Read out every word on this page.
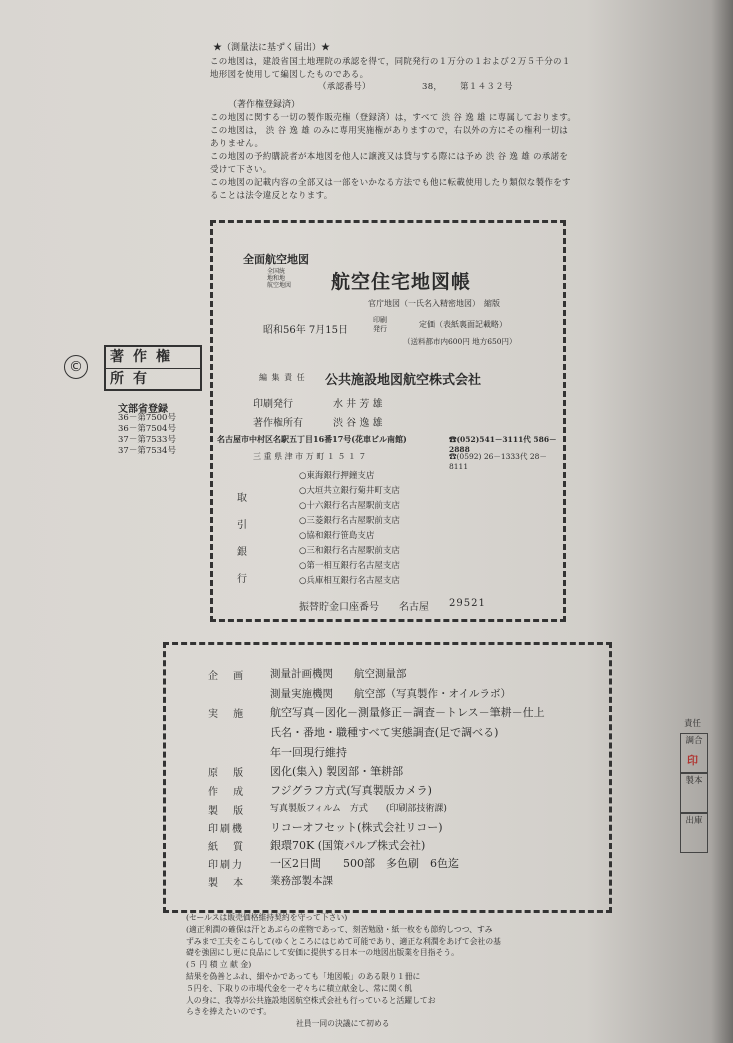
★（測量法に基ずく届出）★
この地図は，建設省国土地理院の承認を得て，同院発行の１万分の１および２万５千分の１
地形図を使用して編図したものである。
（承認番号）	38， 第１４３２号
（著作権登録済）
この地図に関する一切の製作販売権（登録済）は，すべて 渋 谷 逸 雄 に専属しております。
この地図は， 渋 谷 逸 雄 のみに専用実施権がありますので，右以外の方にその権利一切は
ありません。
この地図の予約購読者が本地図を他人に譲渡又は貸与する際には予め 渋 谷 逸 雄 の承諾を
受けて下さい。
この地図の記載内容の全部又は一部をいかなる方法でも他に転載使用したり類似な製作をす
ることは法令違反となります。
©
著作権
所有
文部省登録
36－第7500号
36－第7504号
37－第7533号
37－第7534号
全面航空地図
全国統
地和地
航空地図 航空住宅地図帳
官庁地図（一氏名入精密地図）　縮版
昭和56年 7月15日
印刷
発行	定価（表紙裏面記載略）
（送料都市内600円 地方650円）
編 集 責 任 公共施設地図航空株式会社
印刷発行	水 井 芳 雄
著作権所有	渋 谷 逸 雄
名古屋市中村区名駅五丁目16番17号(花車ビル南館)	☎(052)541－3111代 586－2888
三 重 県 津 市 万 町 １ ５ １ ７	☎(0592) 26－1333代 28－8111
取
引
銀
行
○東海銀行押鐘支店
○大垣共立銀行菊井町支店
○十六銀行名古屋駅前支店
○三菱銀行名古屋駅前支店
○協和銀行笹島支店
○三和銀行名古屋駅前支店
○第一相互銀行名古屋支店
○兵庫相互銀行名古屋支店
振替貯金口座番号 名古屋 29521
企 画 測量計画機関　　航空測量部
測量実施機関　　航空部（写真製作・オイルラボ）
実 施 航空写真－図化－測量修正－調査－トレス－筆耕－仕上
氏名・番地・職種すべて実態調査(足で調べる)
年一回現行維持
原 版 図化(集入) 製図部・筆耕部
作 成 フジグラフ方式(写真製版カメラ)
製 版 写真製版フィルム　方式　　(印刷部技術課)
印刷機 リコーオフセット(株式会社リコー)
紙 質 銀環70K (国策パルプ株式会社)
印刷力 一区2日間　　500部　多色刷　6色迄
製 本 業務部製本課
責任
調合
印
製本
出庫
(セールスは販売価格維持契約を守って下さい)
(適正利潤の確保は汗とあぶらの産物であって、刻苦勉励・紙一枚をも節約しつつ、すみ
ずみまで工夫をこらして(ゆくところにはじめて可能であり、適正な利潤をあげて会社の基
礎を強固にし更に良品にして安価に提供する日本一の地図出版業を目指そう。
(５ 円 積 立 献 金)
結果を偽善とふれ、細やかであっても「地図帳」のある限り１冊に
５円を、下取りの市場代金を一ぞ々ちに積立献金し、常に関く飢
人の身に、我等が公共施設地図航空株式会社も行っていると活躍してお
らきを捧えたいのです。
社員一同の決議にて初める
